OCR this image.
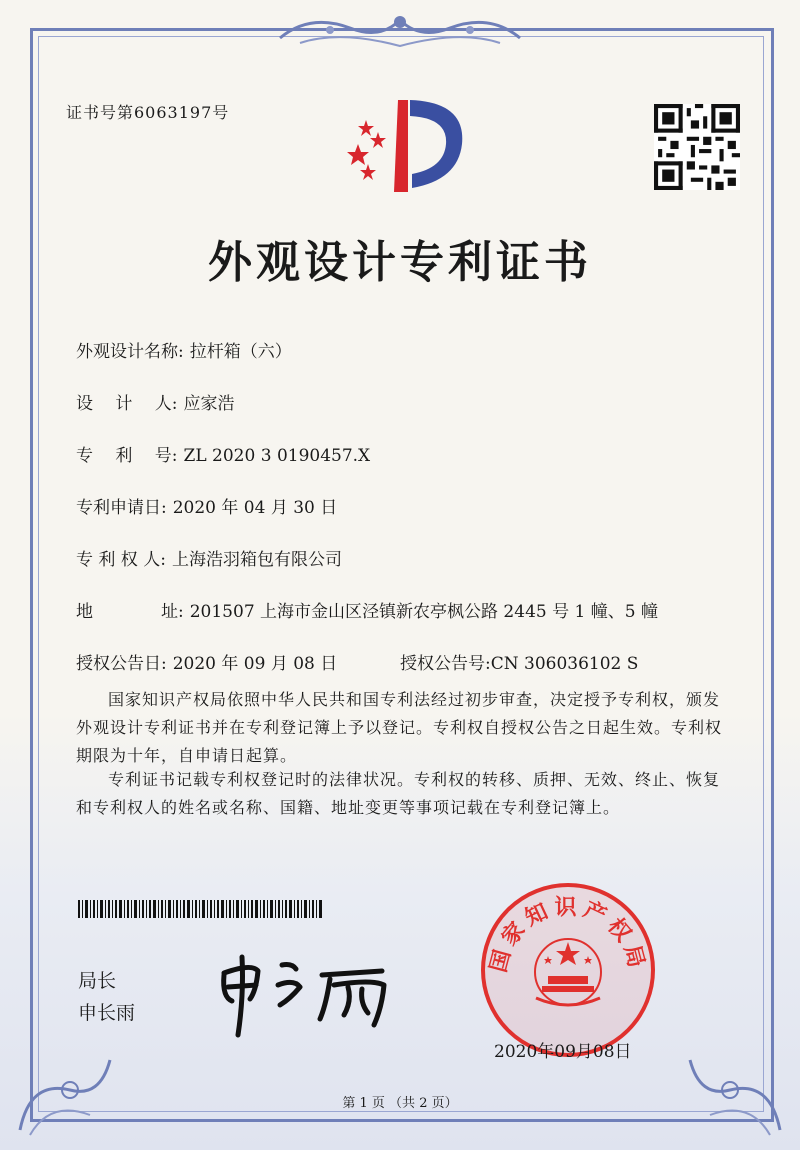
证书号第6063197号
外观设计专利证书
外观设计名称: 拉杆箱（六）
设　 计　 人: 应家浩
专　 利　 号: ZL 2020 3 0190457.X
专利申请日: 2020 年 04 月 30 日
专 利 权 人: 上海浩羽箱包有限公司
地　　　　址: 201507 上海市金山区泾镇新农亭枫公路 2445 号 1 幢、5 幢
授权公告日: 2020 年 09 月 08 日	授权公告号:CN 306036102 S
国家知识产权局依照中华人民共和国专利法经过初步审查，决定授予专利权，颁发外观设计专利证书并在专利登记簿上予以登记。专利权自授权公告之日起生效。专利权期限为十年，自申请日起算。
专利证书记载专利权登记时的法律状况。专利权的转移、质押、无效、终止、恢复和专利权人的姓名或名称、国籍、地址变更等事项记载在专利登记簿上。
局长
申长雨
国家知识产权局
2020年09月08日
第 1 页 （共 2 页）
